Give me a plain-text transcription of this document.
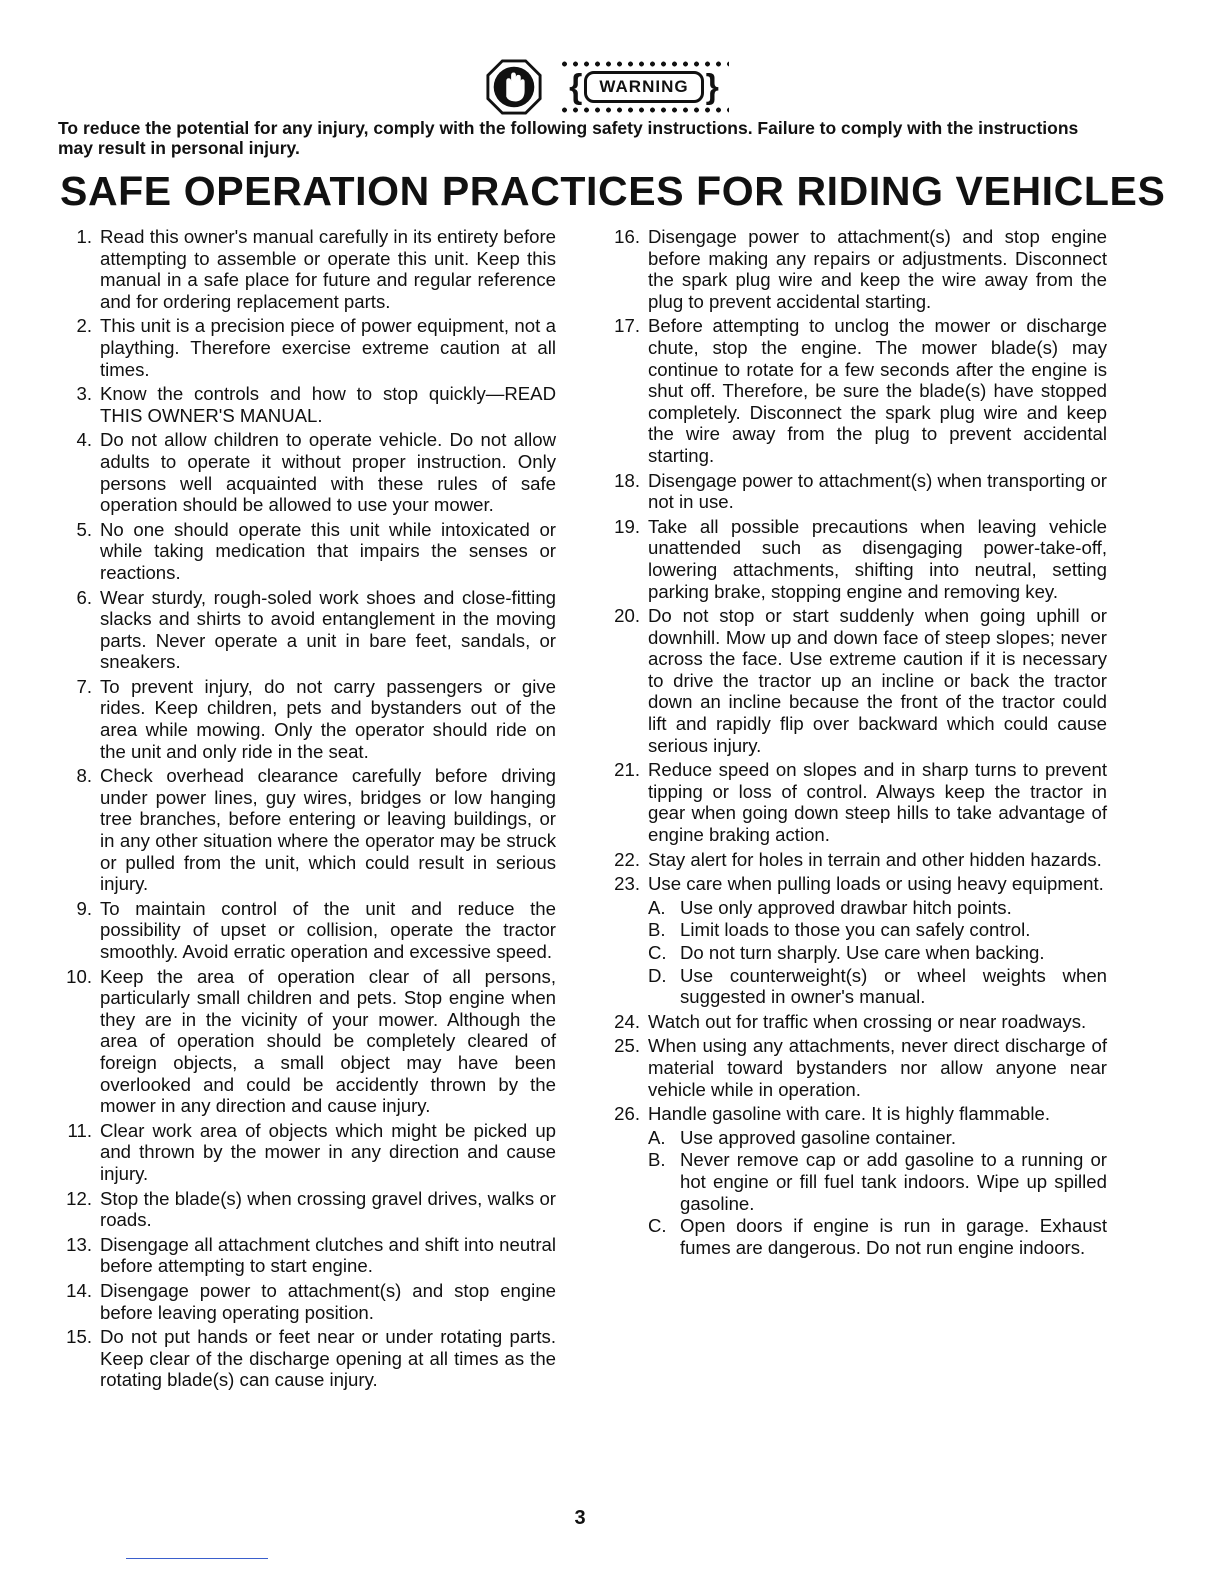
{	WARNING }

To reduce the potential for any injury, comply with the following safety instructions. Failure to comply with the instructions may result in personal injury.

SAFE OPERATION PRACTICES FOR RIDING VEHICLES
1. Read this owner's manual carefully in its entirety before attempting to assemble or operate this unit. Keep this manual in a safe place for future and regular reference and for ordering replacement parts.
2. This unit is a precision piece of power equipment, not a plaything. Therefore exercise extreme caution at all times.
3. Know the controls and how to stop quickly—READ THIS OWNER'S MANUAL.
4. Do not allow children to operate vehicle. Do not allow adults to operate it without proper instruction. Only persons well acquainted with these rules of safe operation should be allowed to use your mower.
5. No one should operate this unit while intoxicated or while taking medication that impairs the senses or reactions.
6. Wear sturdy, rough-soled work shoes and close-fitting slacks and shirts to avoid entanglement in the moving parts. Never operate a unit in bare feet, sandals, or sneakers.
7. To prevent injury, do not carry passengers or give rides. Keep children, pets and bystanders out of the area while mowing. Only the operator should ride on the unit and only ride in the seat.
8. Check overhead clearance carefully before driving under power lines, guy wires, bridges or low hanging tree branches, before entering or leaving buildings, or in any other situation where the operator may be struck or pulled from the unit, which could result in serious injury.
9. To maintain control of the unit and reduce the possibility of upset or collision, operate the tractor smoothly. Avoid erratic operation and excessive speed.
10. Keep the area of operation clear of all persons, particularly small children and pets. Stop engine when they are in the vicinity of your mower. Although the area of operation should be completely cleared of foreign objects, a small object may have been overlooked and could be accidently thrown by the mower in any direction and cause injury.
11. Clear work area of objects which might be picked up and thrown by the mower in any direction and cause injury.
12. Stop the blade(s) when crossing gravel drives, walks or roads.
13. Disengage all attachment clutches and shift into neutral before attempting to start engine.
14. Disengage power to attachment(s) and stop engine before leaving operating position.
15. Do not put hands or feet near or under rotating parts. Keep clear of the discharge opening at all times as the rotating blade(s) can cause injury.
16. Disengage power to attachment(s) and stop engine before making any repairs or adjustments. Disconnect the spark plug wire and keep the wire away from the plug to prevent accidental starting.
17. Before attempting to unclog the mower or discharge chute, stop the engine. The mower blade(s) may continue to rotate for a few seconds after the engine is shut off. Therefore, be sure the blade(s) have stopped completely. Disconnect the spark plug wire and keep the wire away from the plug to prevent accidental starting.
18. Disengage power to attachment(s) when transporting or not in use.
19. Take all possible precautions when leaving vehicle unattended such as disengaging power-take-off, lowering attachments, shifting into neutral, setting parking brake, stopping engine and removing key.
20. Do not stop or start suddenly when going uphill or downhill. Mow up and down face of steep slopes; never across the face. Use extreme caution if it is necessary to drive the tractor up an incline or back the tractor down an incline because the front of the tractor could lift and rapidly flip over backward which could cause serious injury.
21. Reduce speed on slopes and in sharp turns to prevent tipping or loss of control. Always keep the tractor in gear when going down steep hills to take advantage of engine braking action.
22. Stay alert for holes in terrain and other hidden hazards.
23. Use care when pulling loads or using heavy equipment.
A. Use only approved drawbar hitch points.
B. Limit loads to those you can safely control.
C. Do not turn sharply. Use care when backing.
D. Use counterweight(s) or wheel weights when suggested in owner's manual.
24. Watch out for traffic when crossing or near roadways.
25. When using any attachments, never direct discharge of material toward bystanders nor allow anyone near vehicle while in operation.
26. Handle gasoline with care. It is highly flammable.
A. Use approved gasoline container.
B. Never remove cap or add gasoline to a running or hot engine or fill fuel tank indoors. Wipe up spilled gasoline.
C. Open doors if engine is run in garage. Exhaust fumes are dangerous. Do not run engine indoors.
3
